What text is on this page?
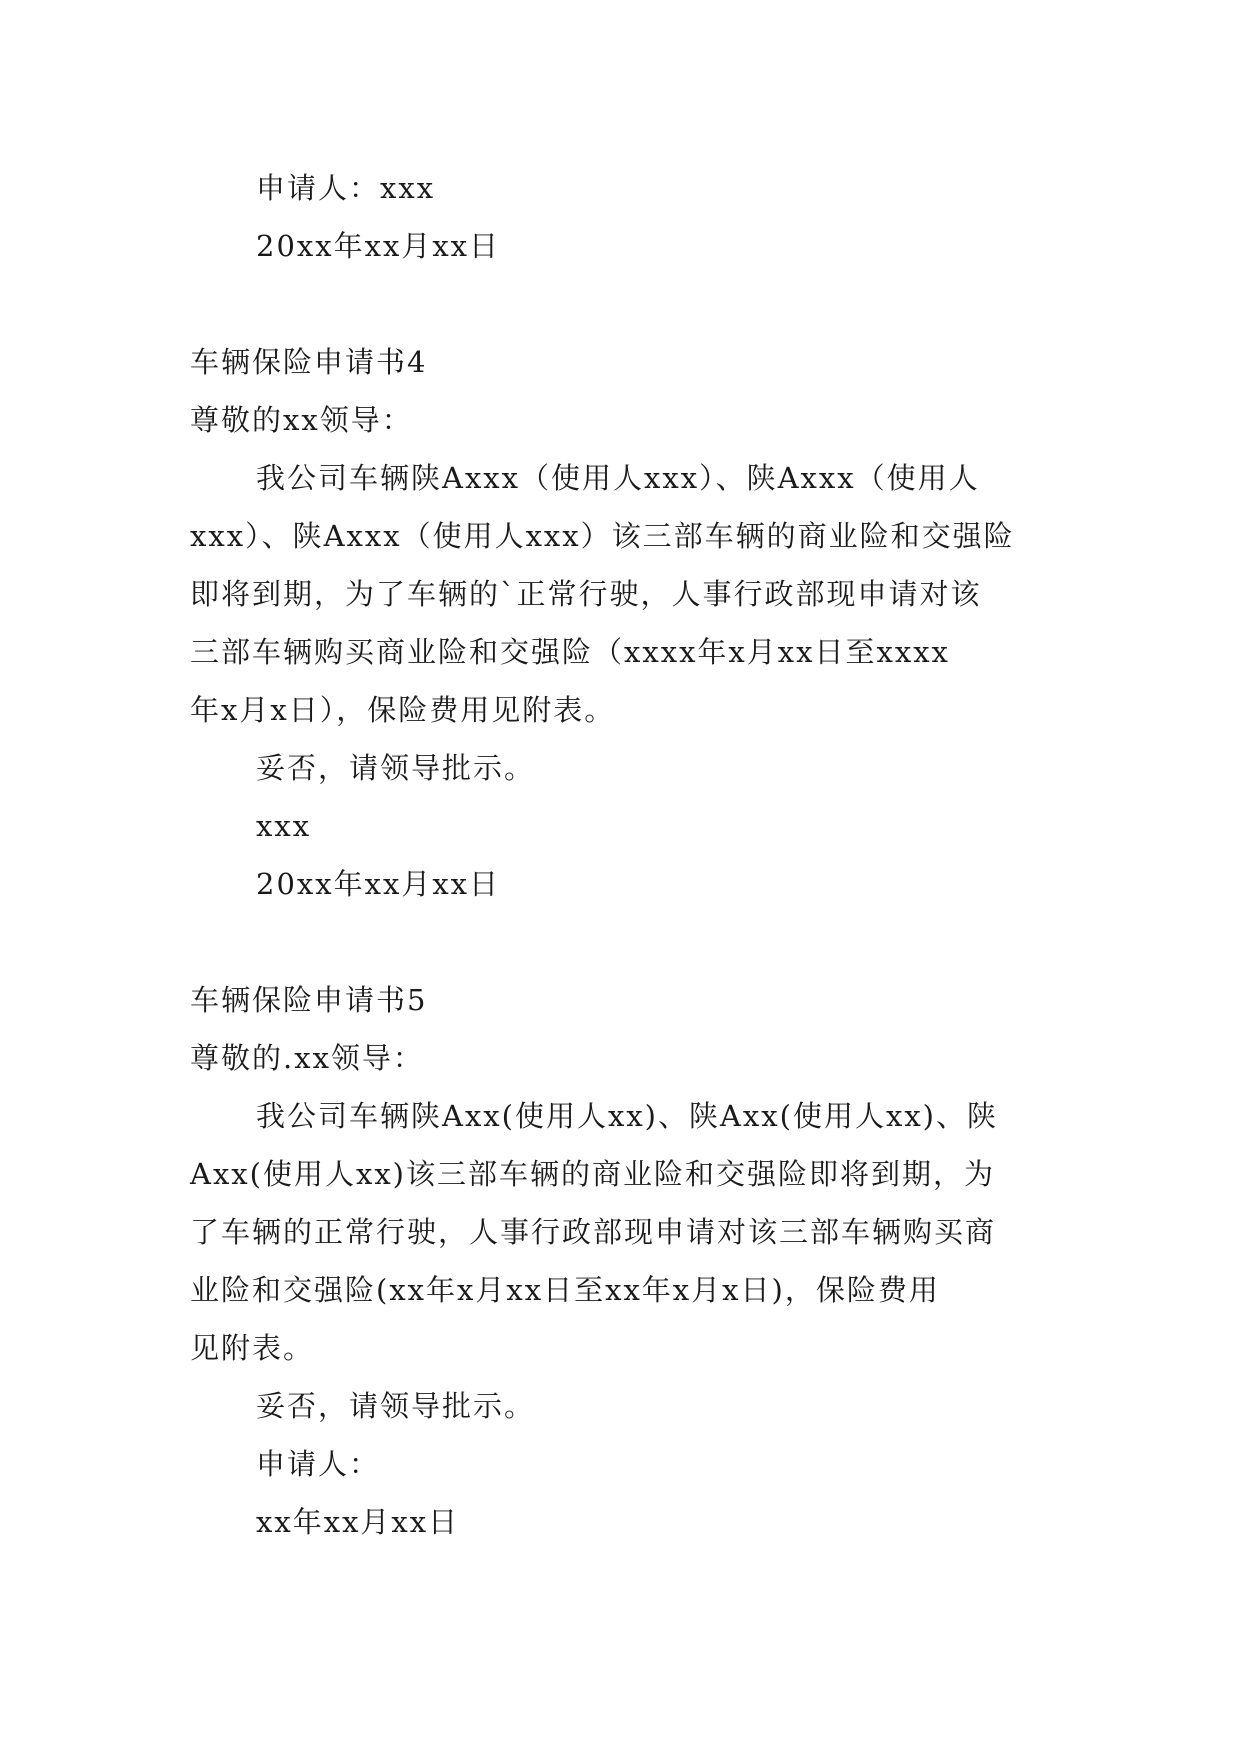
申请人：xxx

20xx年xx月xx日

车辆保险申请书4

尊敬的xx领导：

我公司车辆陕Axxx（使用人xxx）、陕Axxx（使用人

xxx）、陕Axxx（使用人xxx）该三部车辆的商业险和交强险

即将到期，为了车辆的`正常行驶，人事行政部现申请对该

三部车辆购买商业险和交强险（xxxx年x月xx日至xxxx

年x月x日），保险费用见附表。

妥否，请领导批示。

xxx

20xx年xx月xx日

车辆保险申请书5

尊敬的.xx领导：

我公司车辆陕Axx(使用人xx)、陕Axx(使用人xx)、陕

Axx(使用人xx)该三部车辆的商业险和交强险即将到期，为

了车辆的正常行驶，人事行政部现申请对该三部车辆购买商

业险和交强险(xx年x月xx日至xx年x月x日)，保险费用

见附表。

妥否，请领导批示。

申请人：

xx年xx月xx日
